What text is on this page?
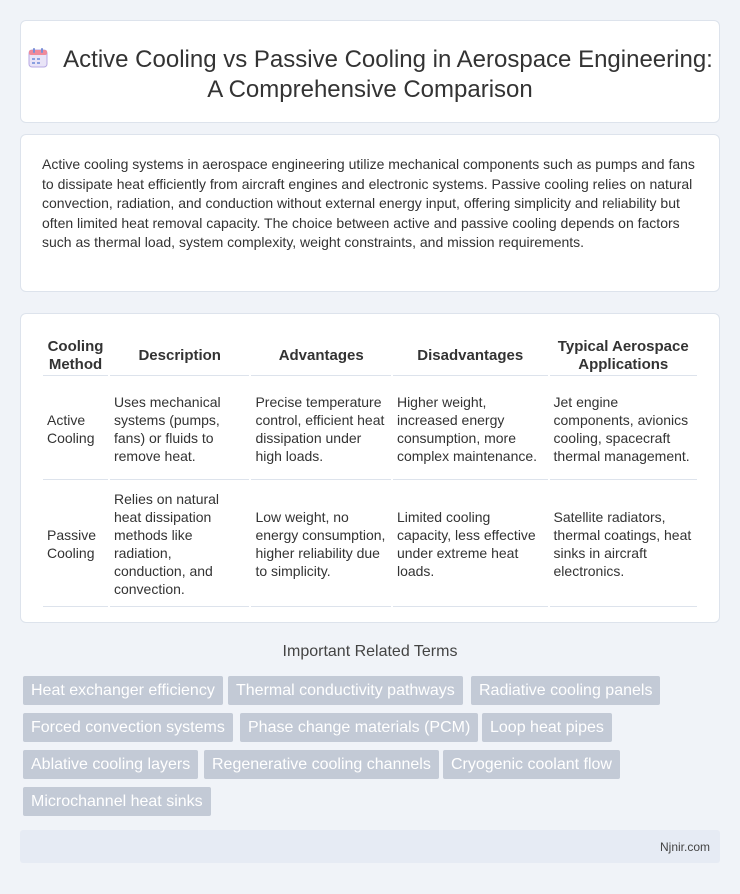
Active Cooling vs Passive Cooling in Aerospace Engineering: A Comprehensive Comparison

Active cooling systems in aerospace engineering utilize mechanical components such as pumps and fans to dissipate heat efficiently from aircraft engines and electronic systems. Passive cooling relies on natural convection, radiation, and conduction without external energy input, offering simplicity and reliability but often limited heat removal capacity. The choice between active and passive cooling depends on factors such as thermal load, system complexity, weight constraints, and mission requirements.

Cooling Method	Description	Advantages	Disadvantages	Typical Aerospace Applications
Active Cooling	Uses mechanical systems (pumps, fans) or fluids to remove heat.	Precise temperature control, efficient heat dissipation under high loads.	Higher weight, increased energy consumption, more complex maintenance.	Jet engine components, avionics cooling, spacecraft thermal management.
Passive Cooling	Relies on natural heat dissipation methods like radiation, conduction, and convection.	Low weight, no energy consumption, higher reliability due to simplicity.	Limited cooling capacity, less effective under extreme heat loads.	Satellite radiators, thermal coatings, heat sinks in aircraft electronics.
Important Related Terms
Heat exchanger efficiency	Thermal conductivity pathways	Radiative cooling panels
Forced convection systems	Phase change materials (PCM)	Loop heat pipes
Ablative cooling layers	Regenerative cooling channels	Cryogenic coolant flow
Microchannel heat sinks
Njnir.com
